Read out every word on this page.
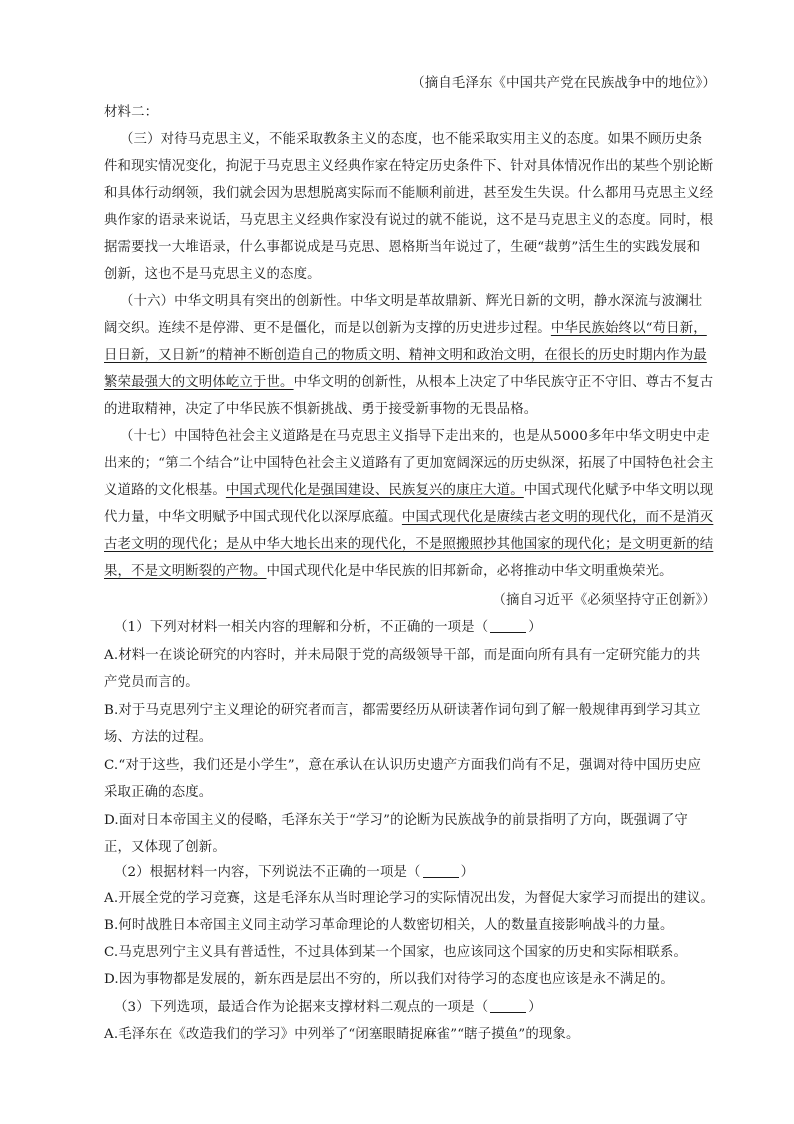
（摘自毛泽东《中国共产党在民族战争中的地位》）
材料二：
（三）对待马克思主义，不能采取教条主义的态度，也不能采取实用主义的态度。如果不顾历史条
件和现实情况变化，拘泥于马克思主义经典作家在特定历史条件下、针对具体情况作出的某些个别论断
和具体行动纲领，我们就会因为思想脱离实际而不能顺利前进，甚至发生失误。什么都用马克思主义经
典作家的语录来说话，马克思主义经典作家没有说过的就不能说，这不是马克思主义的态度。同时，根
据需要找一大堆语录，什么事都说成是马克思、恩格斯当年说过了，生硬“裁剪”活生生的实践发展和
创新，这也不是马克思主义的态度。
（十六）中华文明具有突出的创新性。中华文明是革故鼎新、辉光日新的文明，静水深流与波澜壮
阔交织。连续不是停滞、更不是僵化，而是以创新为支撑的历史进步过程。中华民族始终以“苟日新，
日日新，又日新”的精神不断创造自己的物质文明、精神文明和政治文明，在很长的历史时期内作为最
繁荣最强大的文明体屹立于世。中华文明的创新性，从根本上决定了中华民族守正不守旧、尊古不复古
的进取精神，决定了中华民族不惧新挑战、勇于接受新事物的无畏品格。
（十七）中国特色社会主义道路是在马克思主义指导下走出来的，也是从5000多年中华文明史中走
出来的；“第二个结合”让中国特色社会主义道路有了更加宽阔深远的历史纵深，拓展了中国特色社会主
义道路的文化根基。中国式现代化是强国建设、民族复兴的康庄大道。中国式现代化赋予中华文明以现
代力量，中华文明赋予中国式现代化以深厚底蕴。中国式现代化是赓续古老文明的现代化，而不是消灭
古老文明的现代化；是从中华大地长出来的现代化，不是照搬照抄其他国家的现代化；是文明更新的结
果，不是文明断裂的产物。中国式现代化是中华民族的旧邦新命，必将推动中华文明重焕荣光。
（摘自习近平《必须坚持守正创新》）
（1）下列对材料一相关内容的理解和分析，不正确的一项是（	）
A.材料一在谈论研究的内容时，并未局限于党的高级领导干部，而是面向所有具有一定研究能力的共
产党员而言的。
B.对于马克思列宁主义理论的研究者而言，都需要经历从研读著作词句到了解一般规律再到学习其立
场、方法的过程。
C.“对于这些，我们还是小学生”，意在承认在认识历史遗产方面我们尚有不足，强调对待中国历史应
采取正确的态度。
D.面对日本帝国主义的侵略，毛泽东关于“学习”的论断为民族战争的前景指明了方向，既强调了守
正，又体现了创新。
（2）根据材料一内容，下列说法不正确的一项是（	）
A.开展全党的学习竞赛，这是毛泽东从当时理论学习的实际情况出发，为督促大家学习而提出的建议。
B.何时战胜日本帝国主义同主动学习革命理论的人数密切相关，人的数量直接影响战斗的力量。
C.马克思列宁主义具有普适性，不过具体到某一个国家，也应该同这个国家的历史和实际相联系。
D.因为事物都是发展的，新东西是层出不穷的，所以我们对待学习的态度也应该是永不满足的。
（3）下列选项，最适合作为论据来支撑材料二观点的一项是（	）
A.毛泽东在《改造我们的学习》中列举了“闭塞眼睛捉麻雀”“瞎子摸鱼”的现象。
